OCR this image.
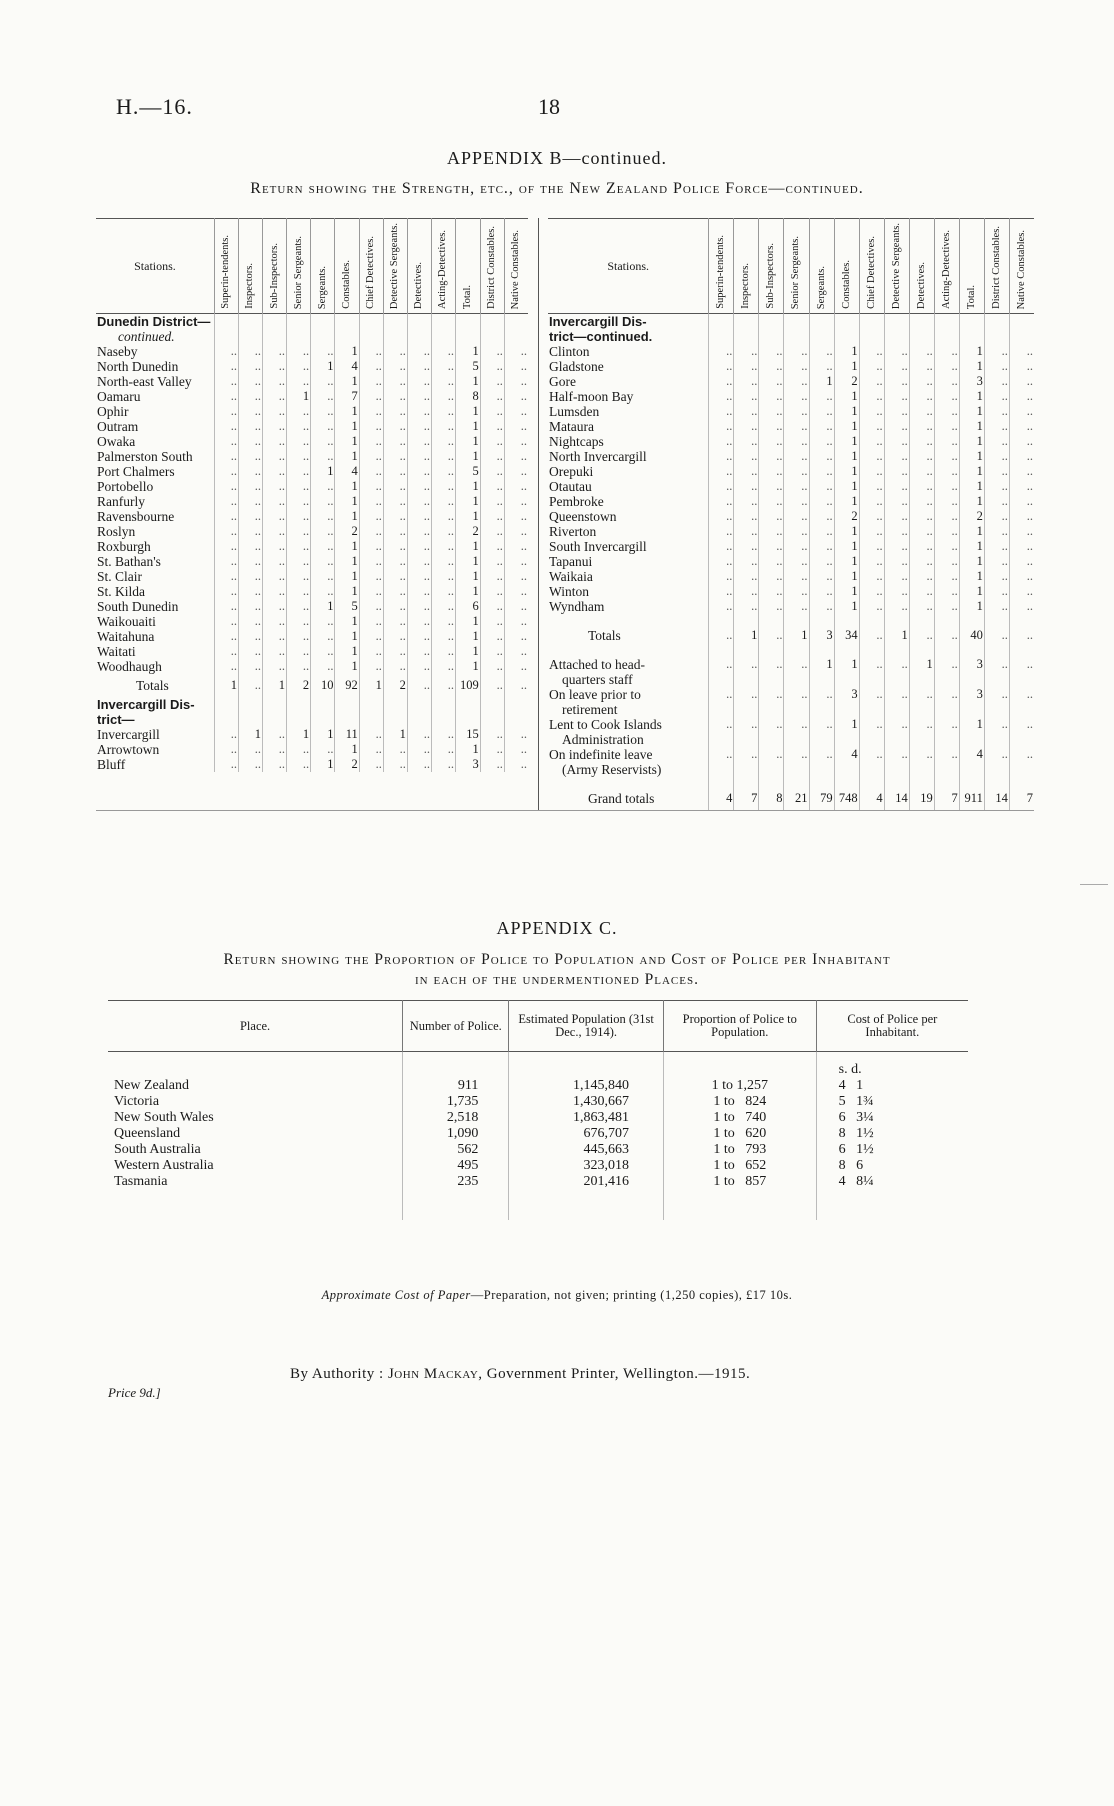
H.—16.	18
APPENDIX B—continued.
Return showing the Strength, etc., of the New Zealand Police Force—continued.
Stations.	Superin-tendents.	Inspectors.	Sub-Inspectors.	Senior Sergeants.	Sergeants.	Constables.	Chief Detectives.	Detective Sergeants.	Detectives.	Acting-Detectives.	Total.	District Constables.	Native Constables.

Dunedin District—													
continued.													
Naseby	..	..	..	..	..	1	..	..	..	..	1	..	..
North Dunedin	..	..	..	..	1	4	..	..	..	..	5	..	..
North-east Valley	..	..	..	..	..	1	..	..	..	..	1	..	..
Oamaru	..	..	..	1	..	7	..	..	..	..	8	..	..
Ophir	..	..	..	..	..	1	..	..	..	..	1	..	..
Outram	..	..	..	..	..	1	..	..	..	..	1	..	..
Owaka	..	..	..	..	..	1	..	..	..	..	1	..	..
Palmerston South	..	..	..	..	..	1	..	..	..	..	1	..	..
Port Chalmers	..	..	..	..	1	4	..	..	..	..	5	..	..
Portobello	..	..	..	..	..	1	..	..	..	..	1	..	..
Ranfurly	..	..	..	..	..	1	..	..	..	..	1	..	..
Ravensbourne	..	..	..	..	..	1	..	..	..	..	1	..	..
Roslyn	..	..	..	..	..	2	..	..	..	..	2	..	..
Roxburgh	..	..	..	..	..	1	..	..	..	..	1	..	..
St. Bathan's	..	..	..	..	..	1	..	..	..	..	1	..	..
St. Clair	..	..	..	..	..	1	..	..	..	..	1	..	..
St. Kilda	..	..	..	..	..	1	..	..	..	..	1	..	..
South Dunedin	..	..	..	..	1	5	..	..	..	..	6	..	..
Waikouaiti	..	..	..	..	..	1	..	..	..	..	1	..	..
Waitahuna	..	..	..	..	..	1	..	..	..	..	1	..	..
Waitati	..	..	..	..	..	1	..	..	..	..	1	..	..
Woodhaugh	..	..	..	..	..	1	..	..	..	..	1	..	..
Totals	1	..	1	2	10	92	1	2	..	..	109	..	..
Invercargill Dis-													
trict—													
Invercargill	..	1	..	1	1	11	..	1	..	..	15	..	..
Arrowtown	..	..	..	..	..	1	..	..	..	..	1	..	..
Bluff	..	..	..	..	1	2	..	..	..	..	3	..	..
Stations.	Superin-tendents.	Inspectors.	Sub-Inspectors.	Senior Sergeants.	Sergeants.	Constables.	Chief Detectives.	Detective Sergeants.	Detectives.	Acting-Detectives.	Total.	District Constables.	Native Constables.

Invercargill Dis-													
trict—continued.													
Clinton	..	..	..	..	..	1	..	..	..	..	1	..	..
Gladstone	..	..	..	..	..	1	..	..	..	..	1	..	..
Gore	..	..	..	..	1	2	..	..	..	..	3	..	..
Half-moon Bay	..	..	..	..	..	1	..	..	..	..	1	..	..
Lumsden	..	..	..	..	..	1	..	..	..	..	1	..	..
Mataura	..	..	..	..	..	1	..	..	..	..	1	..	..
Nightcaps	..	..	..	..	..	1	..	..	..	..	1	..	..
North Invercargill	..	..	..	..	..	1	..	..	..	..	1	..	..
Orepuki	..	..	..	..	..	1	..	..	..	..	1	..	..
Otautau	..	..	..	..	..	1	..	..	..	..	1	..	..
Pembroke	..	..	..	..	..	1	..	..	..	..	1	..	..
Queenstown	..	..	..	..	..	2	..	..	..	..	2	..	..
Riverton	..	..	..	..	..	1	..	..	..	..	1	..	..
South Invercargill	..	..	..	..	..	1	..	..	..	..	1	..	..
Tapanui	..	..	..	..	..	1	..	..	..	..	1	..	..
Waikaia	..	..	..	..	..	1	..	..	..	..	1	..	..
Winton	..	..	..	..	..	1	..	..	..	..	1	..	..
Wyndham	..	..	..	..	..	1	..	..	..	..	1	..	..

Totals	..	1	..	1	3	34	..	1	..	..	40	..	..

Attached to head-	..	..	..	..	1	1	..	..	1	..	3	..	..
quarters staff													
On leave prior to	..	..	..	..	..	3	..	..	..	..	3	..	..
retirement													
Lent to Cook Islands	..	..	..	..	..	1	..	..	..	..	1	..	..
Administration													
On indefinite leave	..	..	..	..	..	4	..	..	..	..	4	..	..
(Army Reservists)													

Grand totals	4	7	8	21	79	748	4	14	19	7	911	14	7
APPENDIX C.
Return showing the Proportion of Police to Population and Cost of Police per Inhabitant
in each of the undermentioned Places.
Place.	Number of Police.	Estimated Population (31st Dec., 1914).	Proportion of Police to Population.	Cost of Police per Inhabitant.
				s. d.
New Zealand	911	1,145,840	1 to 1,257	4   1
Victoria	1,735	1,430,667	1 to   824	5   1¾
New South Wales	2,518	1,863,481	1 to   740	6   3¼
Queensland	1,090	676,707	1 to   620	8   1½
South Australia	562	445,663	1 to   793	6   1½
Western Australia	495	323,018	1 to   652	8   6
Tasmania	235	201,416	1 to   857	4   8¼

Approximate Cost of Paper—Preparation, not given; printing (1,250 copies), £17 10s.
By Authority : John Mackay, Government Printer, Wellington.—1915.
Price 9d.]
